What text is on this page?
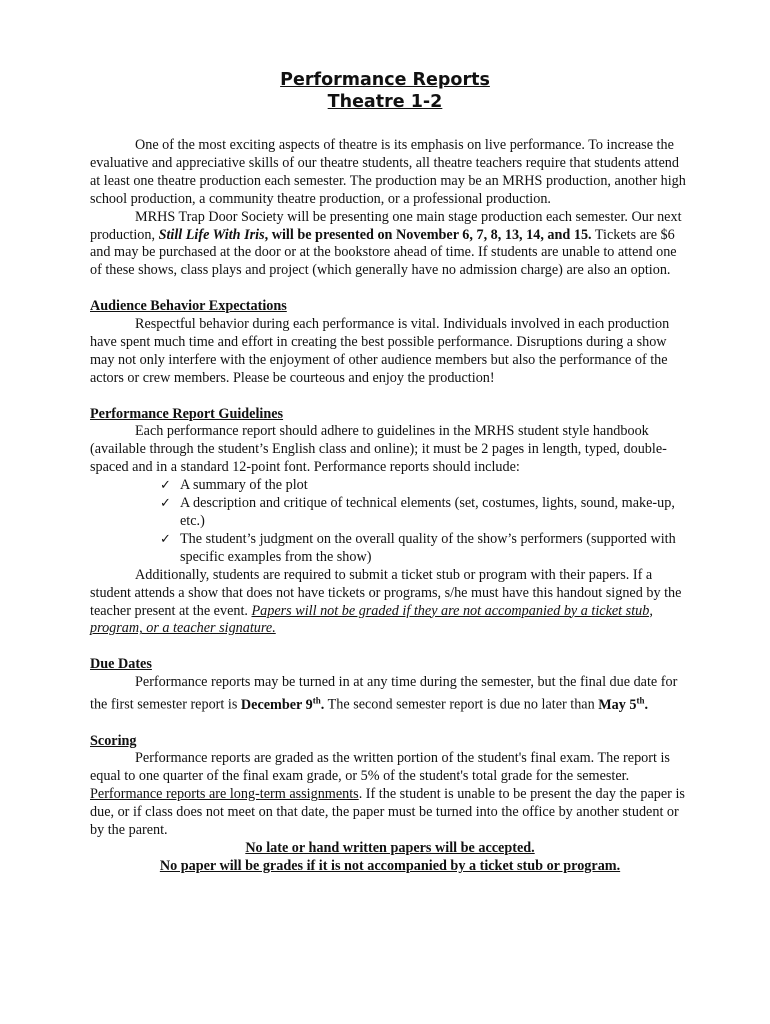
Performance Reports
Theatre 1-2

One of the most exciting aspects of theatre is its emphasis on live performance. To increase the evaluative and appreciative skills of our theatre students, all theatre teachers require that students attend at least one theatre production each semester. The production may be an MRHS production, another high school production, a community theatre production, or a professional production.

MRHS Trap Door Society will be presenting one main stage production each semester. Our next production, Still Life With Iris, will be presented on November 6, 7, 8, 13, 14, and 15. Tickets are $6 and may be purchased at the door or at the bookstore ahead of time. If students are unable to attend one of these shows, class plays and project (which generally have no admission charge) are also an option.

Audience Behavior Expectations

Respectful behavior during each performance is vital. Individuals involved in each production have spent much time and effort in creating the best possible performance. Disruptions during a show may not only interfere with the enjoyment of other audience members but also the performance of the actors or crew members. Please be courteous and enjoy the production!

Performance Report Guidelines

Each performance report should adhere to guidelines in the MRHS student style handbook (available through the student’s English class and online); it must be 2 pages in length, typed, double-spaced and in a standard 12-point font. Performance reports should include:

✓ A summary of the plot
✓ A description and critique of technical elements (set, costumes, lights, sound, make-up, etc.)
✓ The student’s judgment on the overall quality of the show’s performers (supported with specific examples from the show)

Additionally, students are required to submit a ticket stub or program with their papers. If a student attends a show that does not have tickets or programs, s/he must have this handout signed by the teacher present at the event. Papers will not be graded if they are not accompanied by a ticket stub, program, or a teacher signature.

Due Dates

Performance reports may be turned in at any time during the semester, but the final due date for the first semester report is December 9th. The second semester report is due no later than May 5th.

Scoring

Performance reports are graded as the written portion of the student's final exam. The report is equal to one quarter of the final exam grade, or 5% of the student's total grade for the semester. Performance reports are long-term assignments. If the student is unable to be present the day the paper is due, or if class does not meet on that date, the paper must be turned into the office by another student or by the parent.

No late or hand written papers will be accepted.

No paper will be grades if it is not accompanied by a ticket stub or program.
